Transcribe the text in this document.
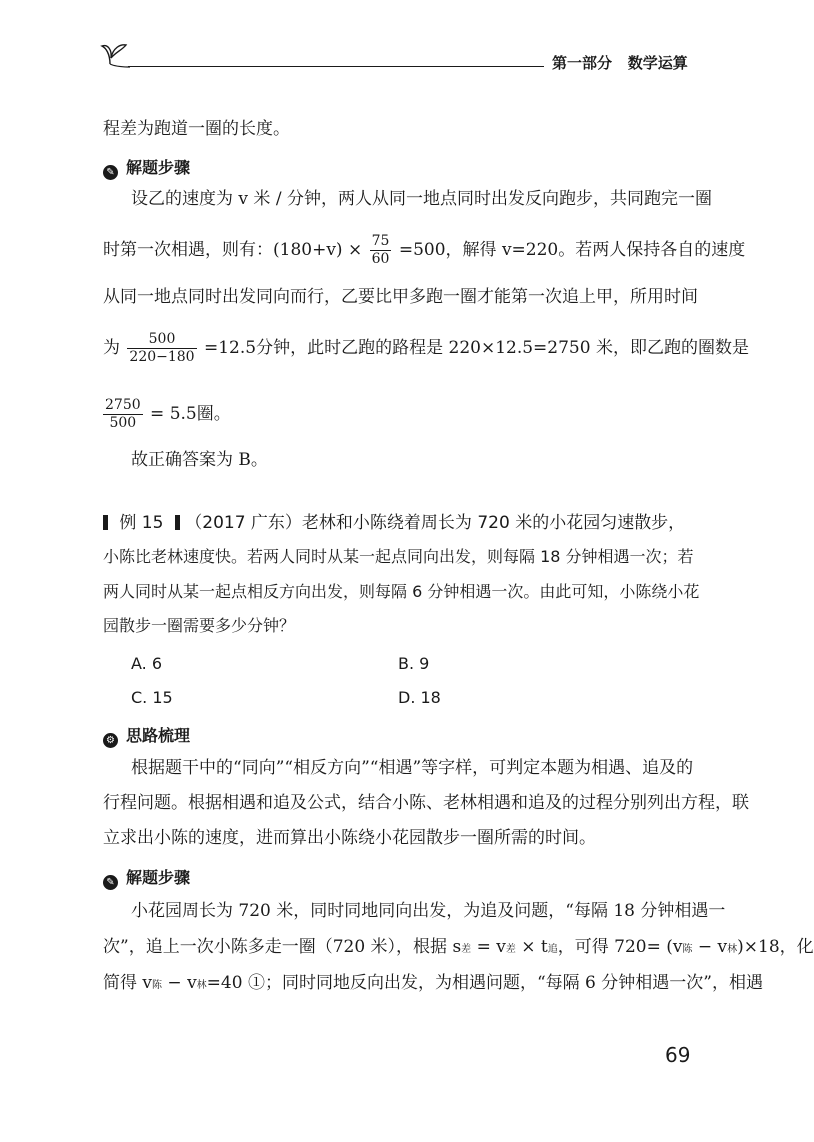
第一部分 数学运算
程差为跑道一圈的长度。
✎ 解题步骤
设乙的速度为 v 米 / 分钟，两人从同一地点同时出发反向跑步，共同跑完一圈
时第一次相遇，则有：$(180+v) \times \frac{75}{60} =500$，解得 v=220。若两人保持各自的速度
从同一地点同时出发同向而行，乙要比甲多跑一圈才能第一次追上甲，所用时间
为 $\frac{500}{220-180} =12.5$分钟，此时乙跑的路程是 220×12.5=2750 米，即乙跑的圈数是
$\frac{2750}{500} = 5.5$圈。
故正确答案为 B。
例 15 （2017 广东）老林和小陈绕着周长为 720 米的小花园匀速散步，
小陈比老林速度快。若两人同时从某一起点同向出发，则每隔 18 分钟相遇一次；若
两人同时从某一起点相反方向出发，则每隔 6 分钟相遇一次。由此可知，小陈绕小花
园散步一圈需要多少分钟？
A. 6	B. 9
C. 15	D. 18
⚙ 思路梳理
根据题干中的“同向”“相反方向”“相遇”等字样，可判定本题为相遇、追及的
行程问题。根据相遇和追及公式，结合小陈、老林相遇和追及的过程分别列出方程，联
立求出小陈的速度，进而算出小陈绕小花园散步一圈所需的时间。
✎ 解题步骤
小花园周长为 720 米，同时同地同向出发，为追及问题，“每隔 18 分钟相遇一
次”，追上一次小陈多走一圈（720 米），根据 s差 = v差 × t追，可得 720= (v陈 − v林)×18，化
简得 v陈 − v林=40 ①；同时同地反向出发，为相遇问题，“每隔 6 分钟相遇一次”，相遇
69
